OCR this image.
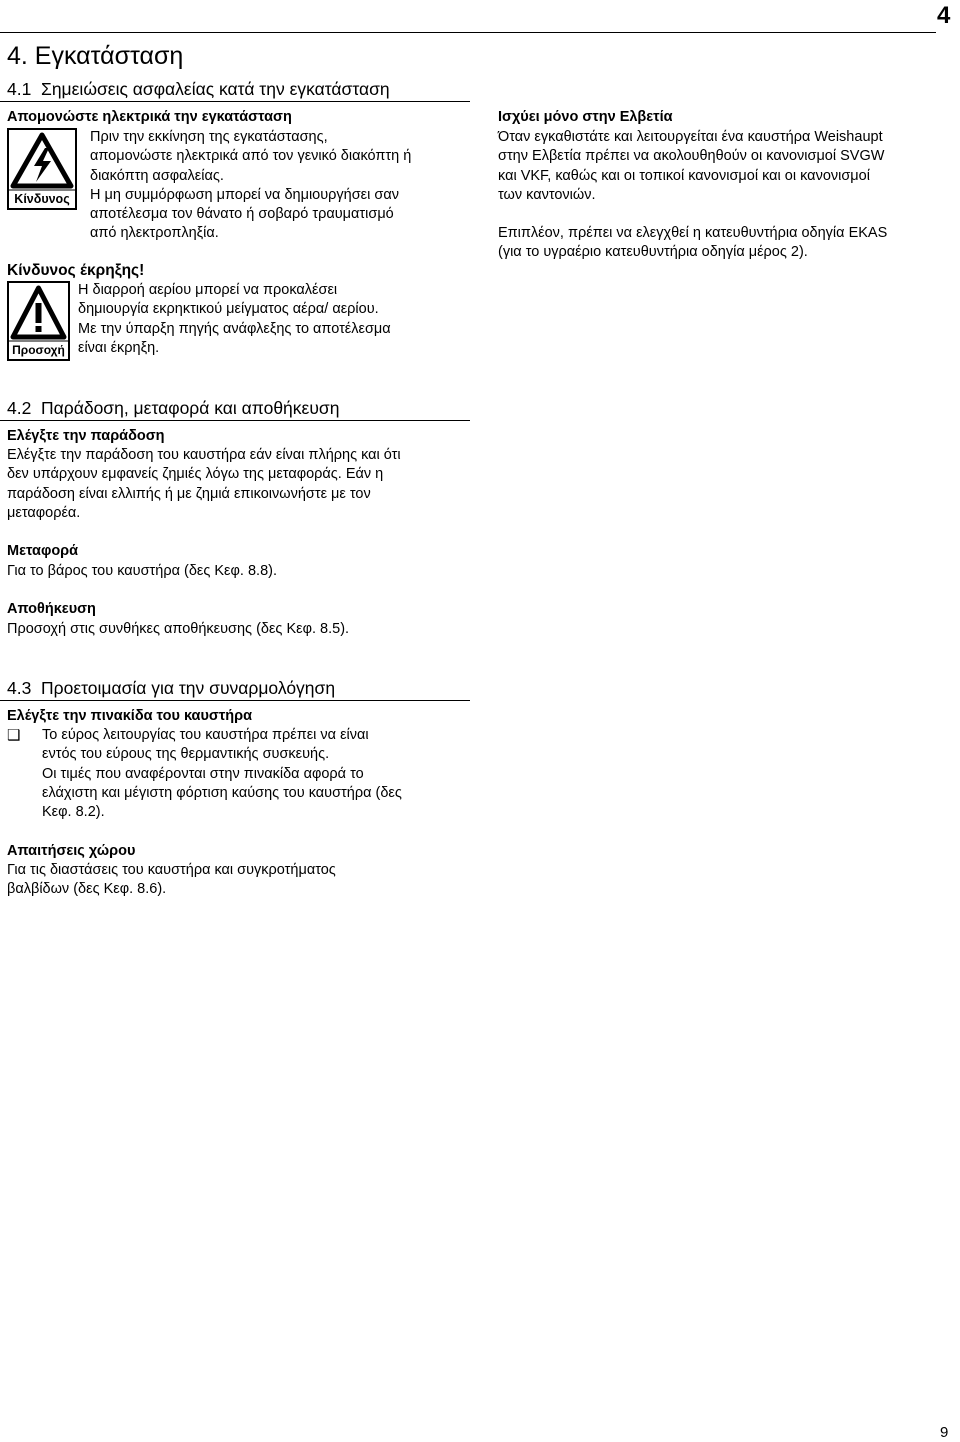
4
4. Εγκατάσταση
4.1 Σημειώσεις ασφαλείας κατά την εγκατάσταση
Απομονώστε ηλεκτρικά την εγκατάσταση
Κίνδυνος
Πριν την εκκίνηση της εγκατάστασης,
απομονώστε ηλεκτρικά από τον γενικό διακόπτη ή
διακόπτη ασφαλείας.
Η μη συμμόρφωση μπορεί να δημιουργήσει σαν
αποτέλεσμα τον θάνατο ή σοβαρό τραυματισμό
από ηλεκτροπληξία.
Κίνδυνος έκρηξης!
Προσοχή
Η διαρροή αερίου μπορεί να προκαλέσει
δημιουργία εκρηκτικού μείγματος αέρα/ αερίου.
Με την ύπαρξη πηγής ανάφλεξης το αποτέλεσμα
είναι έκρηξη.
Ισχύει μόνο στην Ελβετία
Όταν εγκαθιστάτε και λειτουργείται ένα καυστήρα Weishaupt
στην Ελβετία πρέπει να ακολουθηθούν οι κανονισμοί SVGW
και VKF, καθώς και οι τοπικοί κανονισμοί και οι κανονισμοί
των καντονιών.
Επιπλέον, πρέπει να ελεγχθεί η κατευθυντήρια οδηγία EKAS
(για το υγραέριο κατευθυντήρια οδηγία μέρος 2).
4.2 Παράδοση, μεταφορά και αποθήκευση
Ελέγξτε την παράδοση
Ελέγξτε την παράδοση του καυστήρα εάν είναι πλήρης και ότι
δεν υπάρχουν εμφανείς ζημιές λόγω της μεταφοράς. Εάν η
παράδοση είναι ελλιπής ή με ζημιά επικοινωνήστε με τον
μεταφορέα.
Μεταφορά
Για το βάρος του καυστήρα (δες Κεφ. 8.8).
Αποθήκευση
Προσοχή στις συνθήκες αποθήκευσης (δες Κεφ. 8.5).
4.3 Προετοιμασία για την συναρμολόγηση
Ελέγξτε την πινακίδα του καυστήρα
❑ Το εύρος λειτουργίας του καυστήρα πρέπει να είναι
εντός του εύρους της θερμαντικής συσκευής.
Οι τιμές που αναφέρονται στην πινακίδα αφορά το
ελάχιστη και μέγιστη φόρτιση καύσης του καυστήρα (δες
Κεφ. 8.2).
Απαιτήσεις χώρου
Για τις διαστάσεις του καυστήρα και συγκροτήματος
βαλβίδων (δες Κεφ. 8.6).
9
